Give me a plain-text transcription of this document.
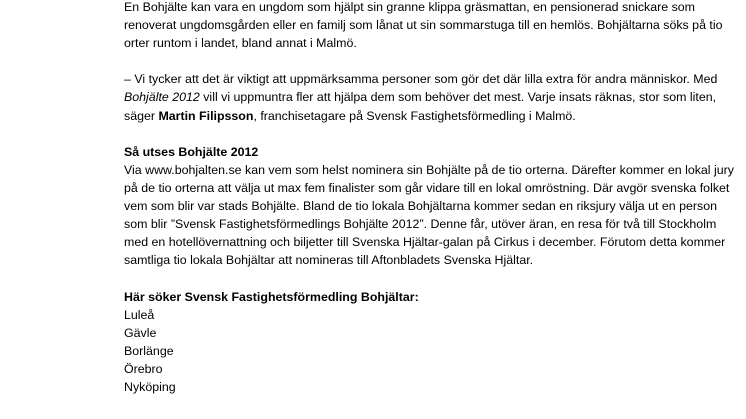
En Bohjälte kan vara en ungdom som hjälpt sin granne klippa gräsmattan, en pensionerad snickare som renoverat ungdomsgården eller en familj som lånat ut sin sommarstuga till en hemlös. Bohjältarna söks på tio orter runtom i landet, bland annat i Malmö.

– Vi tycker att det är viktigt att uppmärksamma personer som gör det där lilla extra för andra människor. Med Bohjälte 2012 vill vi uppmuntra fler att hjälpa dem som behöver det mest. Varje insats räknas, stor som liten, säger Martin Filipsson, franchisetagare på Svensk Fastighetsförmedling i Malmö.

Så utses Bohjälte 2012

Via www.bohjalten.se kan vem som helst nominera sin Bohjälte på de tio orterna. Därefter kommer en lokal jury på de tio orterna att välja ut max fem finalister som går vidare till en lokal omröstning. Där avgör svenska folket vem som blir var stads Bohjälte. Bland de tio lokala Bohjältarna kommer sedan en riksjury välja ut en person som blir ”Svensk Fastighetsförmedlings Bohjälte 2012”. Denne får, utöver äran, en resa för två till Stockholm med en hotellövernattning och biljetter till Svenska Hjältar-galan på Cirkus i december. Förutom detta kommer samtliga tio lokala Bohjältar att nomineras till Aftonbladets Svenska Hjältar.

Här söker Svensk Fastighetsförmedling Bohjältar:

Luleå
Gävle
Borlänge
Örebro
Nyköping
